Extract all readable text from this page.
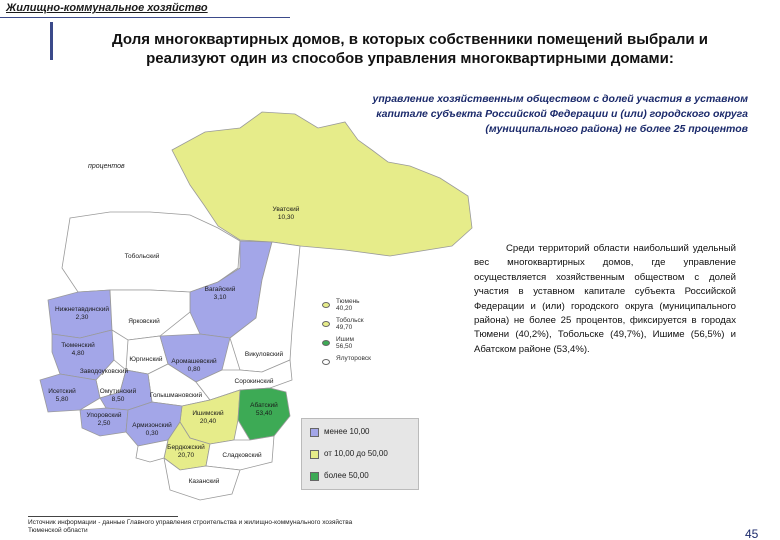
Жилищно-коммунальное хозяйство
Доля многоквартирных домов, в которых собственники помещений выбрали и
реализуют один из способов управления многоквартирными домами:
управление хозяйственным обществом с долей участия в уставном
капитале субъекта Российской Федерации и (или) городского округа
(муниципального района) не более 25 процентов
процентов
Уватский
10,30
Тобольский
Вагайский
3,10
Нижнетавдинский
2,30
Ярковский
Тюменский
4,80
Юргинский Аромашевский
0,80
Викуловский
Заводоуковский
Голышмановский
Исетский
5,80
Омутинский
8,50
Сорокинский
Упоровский
2,50
Ишимский
20,40
Абатский
53,40
Армизонский
0,30
Бердюжский
20,70	Сладковский
Казанский
Тюмень
40,20
Тобольск
49,70
Ишим
56,50
Ялуторовск
менее 10,00
от 10,00 до 50,00
более 50,00
Среди территорий области наибольший удельный вес многоквартирных домов, где управление осуществляется хозяйственным обществом с долей участия в уставном капитале субъекта Российской Федерации и (или) городского округа (муниципального района) не более 25 процентов, фиксируется в городах Тюмени (40,2%), Тобольске (49,7%), Ишиме (56,5%) и Абатском районе (53,4%).
Источник информации - данные Главного управления строительства и жилищно-коммунального хозяйства Тюменской области	45
